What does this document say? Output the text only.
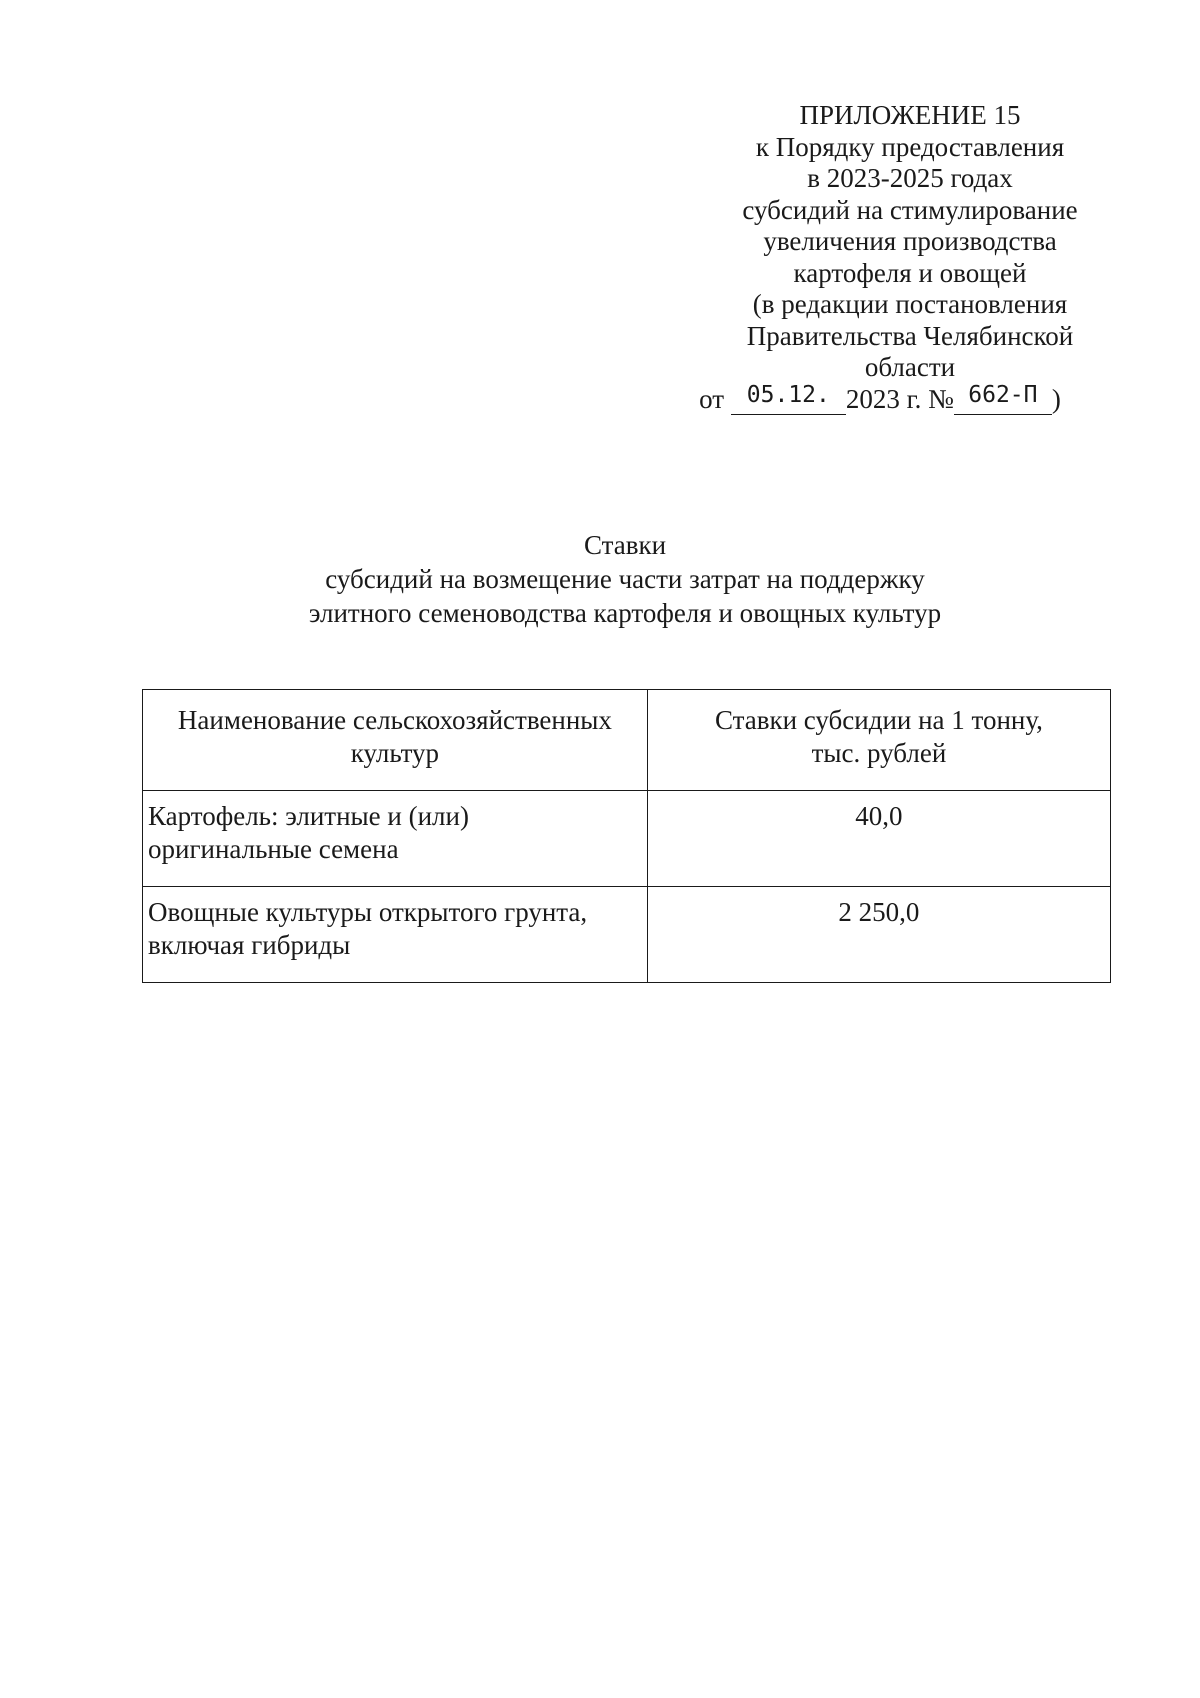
ПРИЛОЖЕНИЕ 15
к Порядку предоставления
в 2023-2025 годах
субсидий на стимулирование
увеличения производства
картофеля и овощей
(в редакции постановления
Правительства Челябинской
области
от 05.12. 2023 г. № 662-П )
Ставки
субсидий на возмещение части затрат на поддержку
элитного семеноводства картофеля и овощных культур
Наименование сельскохозяйственных
культур	Ставки субсидии на 1 тонну,
тыс. рублей

Картофель: элитные и (или)
оригинальные семена	40,0

Овощные культуры открытого грунта,
включая гибриды	2 250,0
